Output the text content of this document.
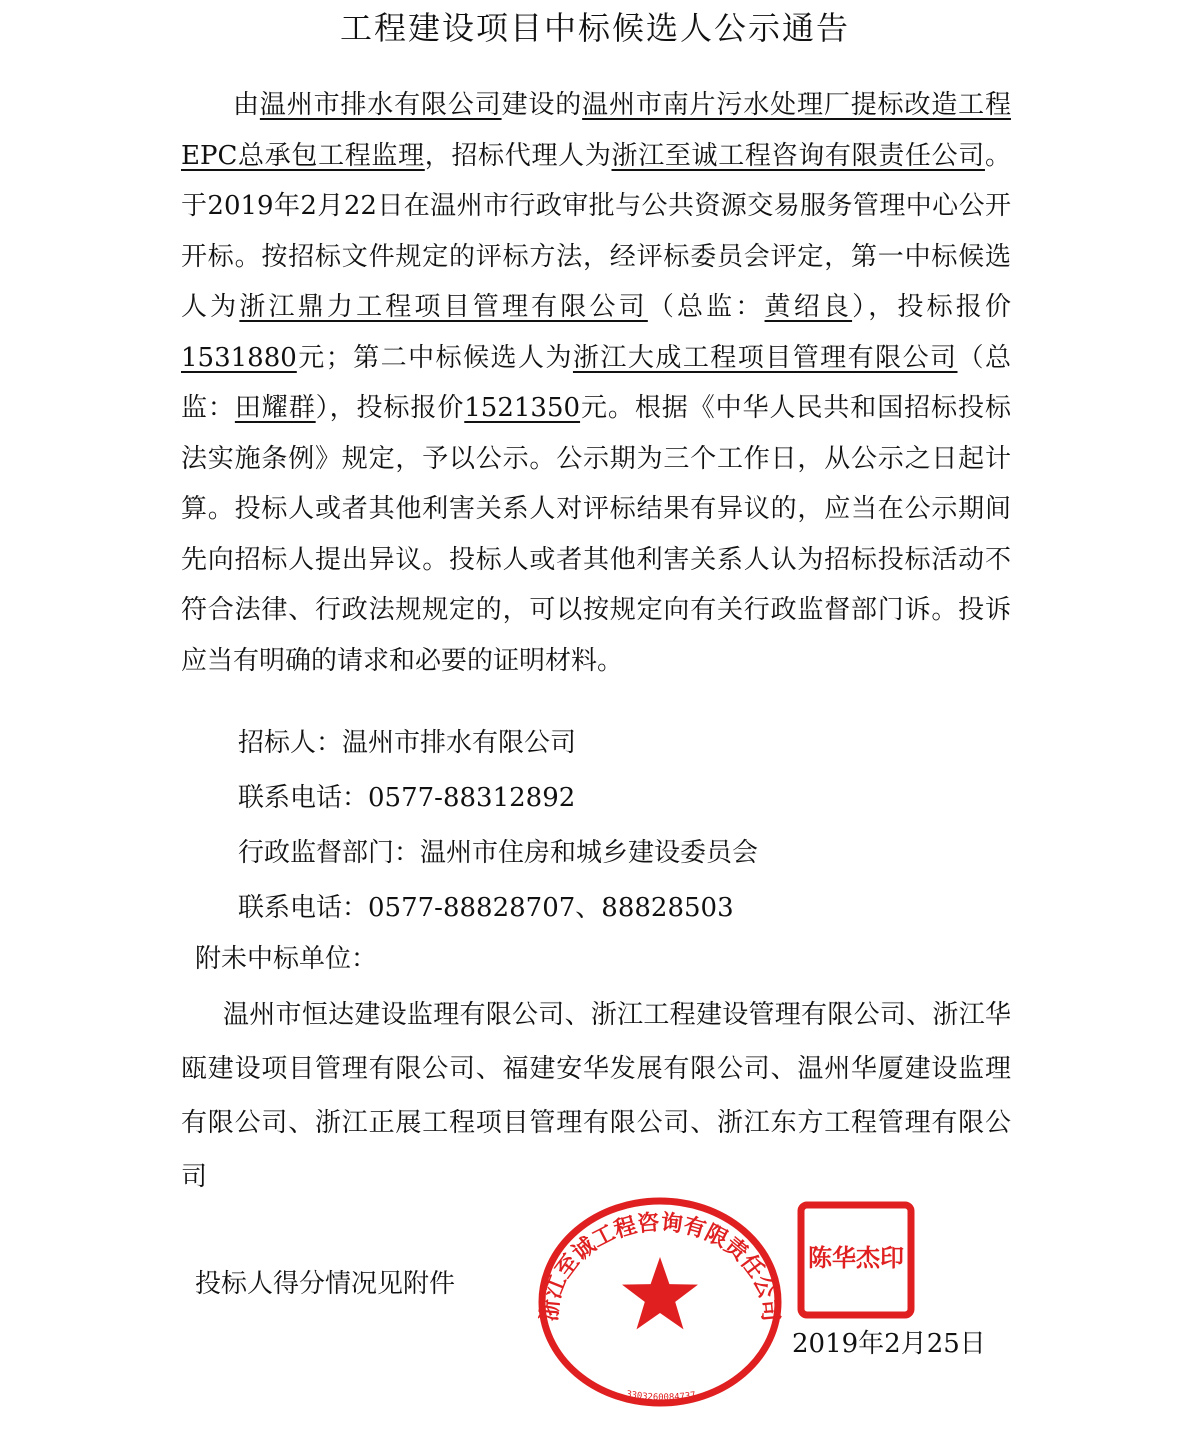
工程建设项目中标候选人公示通告

由温州市排水有限公司建设的温州市南片污水处理厂提标改造工程EPC总承包工程监理，招标代理人为浙江至诚工程咨询有限责任公司。于2019年2月22日在温州市行政审批与公共资源交易服务管理中心公开开标。按招标文件规定的评标方法，经评标委员会评定，第一中标候选人为浙江鼎力工程项目管理有限公司（总监：黄绍良），投标报价1531880元；第二中标候选人为浙江大成工程项目管理有限公司（总监：田耀群），投标报价1521350元。根据《中华人民共和国招标投标法实施条例》规定，予以公示。公示期为三个工作日，从公示之日起计算。投标人或者其他利害关系人对评标结果有异议的，应当在公示期间先向招标人提出异议。投标人或者其他利害关系人认为招标投标活动不符合法律、行政法规规定的，可以按规定向有关行政监督部门诉。投诉应当有明确的请求和必要的证明材料。

招标人：温州市排水有限公司
联系电话：0577-88312892
行政监督部门：温州市住房和城乡建设委员会
联系电话：0577-88828707、88828503
附未中标单位：

温州市恒达建设监理有限公司、浙江工程建设管理有限公司、浙江华瓯建设项目管理有限公司、福建安华发展有限公司、温州华厦建设监理有限公司、浙江正展工程项目管理有限公司、浙江东方工程管理有限公司

投标人得分情况见附件
浙江至诚工程咨询有限责任公司
3303260084737
陈华杰印
2019年2月25日
